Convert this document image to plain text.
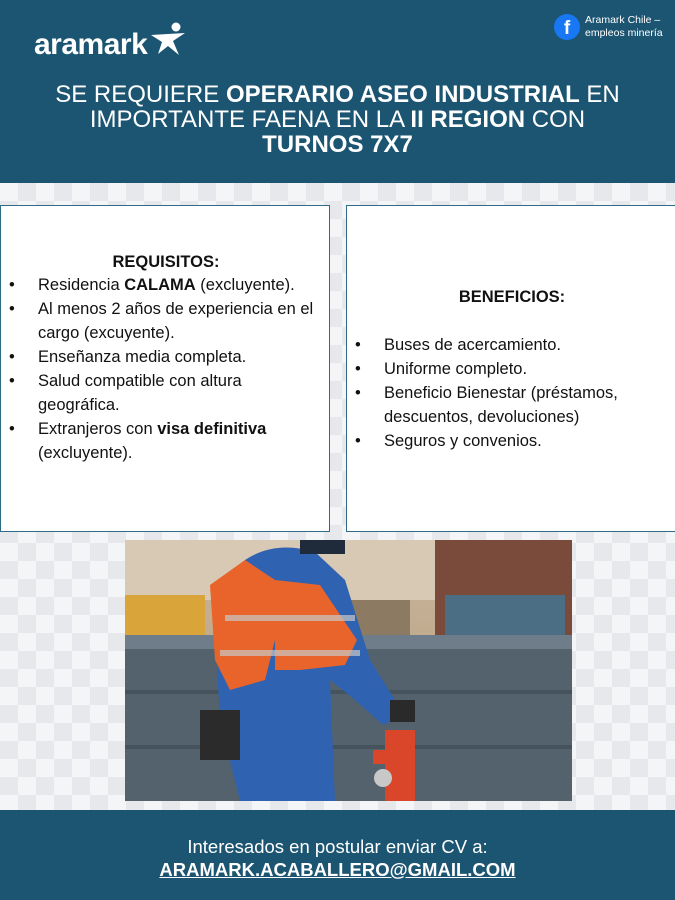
aramark	f	Aramark Chile –
empleos minería
SE REQUIERE OPERARIO ASEO INDUSTRIAL EN IMPORTANTE FAENA EN LA II REGION CON
TURNOS 7X7
REQUISITOS:
• Residencia CALAMA (excluyente).
• Al menos 2 años de experiencia en el cargo (excuyente).
• Enseñanza media completa.
• Salud compatible con altura geográfica.
• Extranjeros con visa definitiva (excluyente).
BENEFICIOS:
• Buses de acercamiento.
• Uniforme completo.
• Beneficio Bienestar (préstamos, descuentos, devoluciones)
• Seguros y convenios.
Interesados en postular enviar CV a:
ARAMARK.ACABALLERO@GMAIL.COM
